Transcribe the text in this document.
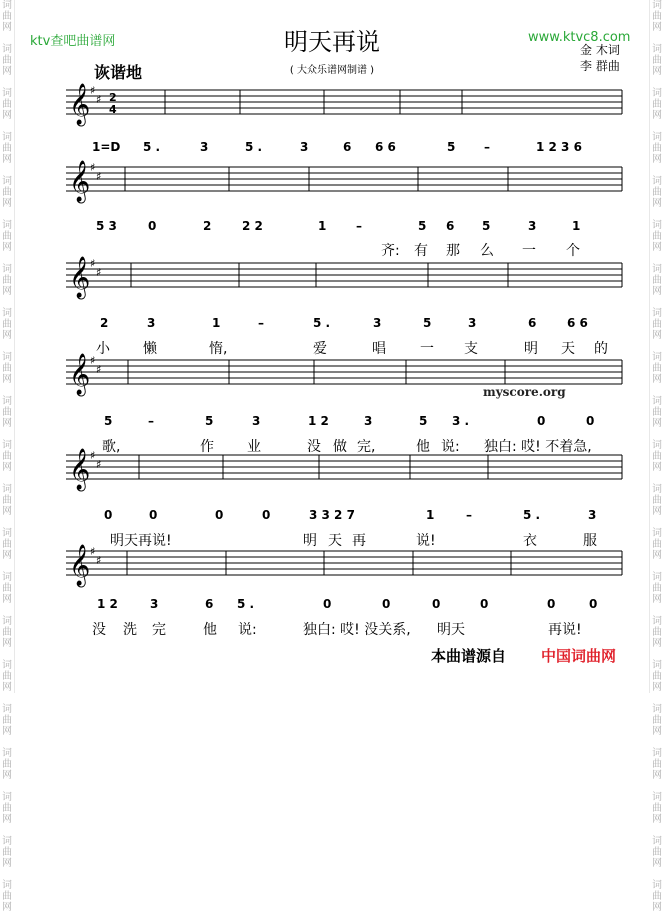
词
曲
网
词
曲
网
词
曲
网
词
曲
网
词
曲
网
词
曲
网
词
曲
网
词
曲
网
词
曲
网
词
曲
网
词
曲
网
词
曲
网
词
曲
网
词
曲
网
词
曲
网
词
曲
网
词
曲
网
词
曲
网
词
曲
网
词
曲
网
词
曲
网
词
曲
网
词
曲
网
词
曲
网
词
曲
网
词
曲
网
词
曲
网
词
曲
网
词
曲
网
词
曲
网
词
曲
网
词
曲
网
词
曲
网
词
曲
网
词
曲
网
词
曲
网
词
曲
网
词
曲
网
词
曲
网
词
曲
网
词
曲
网
词
曲
网
ktv查吧曲谱网	www.ktvc8.com
明天再说
( 大众乐谱网制谱 )
金 木词
李 群曲
诙谐地
𝄞 ♯
♯ 2
4
1=D 5 .	3	5 .	3	6 6 6	5 –	1 2 3 6
𝄞 ♯
♯
5 3	0	2	2 2	1 –	5 6 5	3	1
齐: 有 那 么 一 个
𝄞 ♯
♯
2	3	1	–	5 .	3	5	3	6	6 6
小 懒	惰,	爱	唱 一 支	明 天 的
𝄞 ♯
♯
5	–	5	3	1 2	3	5 3 .	0	0
歌,	作 业	没 做 完,	他 说: 独白: 哎! 不着急,
𝄞 ♯
♯
0	0	0	0	3 3 2 7	1	–	5 .	3
明天再说!	明 天 再	说!	衣	服
𝄞 ♯
♯
1 2	3	6 5 .	0	0	0	0	0	0
没 洗 完	他 说:	独白: 哎! 没关系, 明天	再说!
myscore.org
本曲谱源自 中国词曲网
